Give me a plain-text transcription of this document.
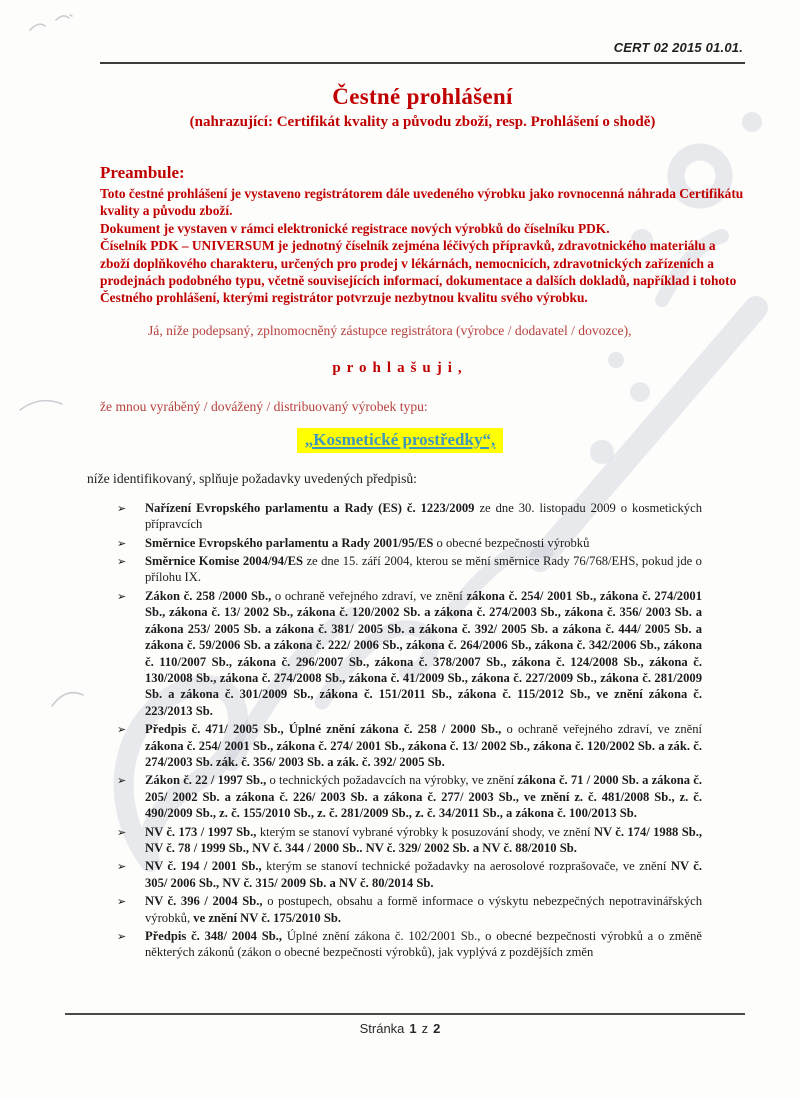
CERT 02 2015 01.01.
Čestné prohlášení
(nahrazující: Certifikát kvality a původu zboží, resp. Prohlášení o shodě)
Preambule:

Toto čestné prohlášení je vystaveno registrátorem dále uvedeného výrobku jako rovnocenná náhrada Certifikátu kvality a původu zboží.

Dokument je vystaven v rámci elektronické registrace nových výrobků do číselníku PDK.

Číselník PDK – UNIVERSUM je jednotný číselník zejména léčivých přípravků, zdravotnického materiálu a zboží doplňkového charakteru, určených pro prodej v lékárnách, nemocnicích, zdravotnických zařízeních a prodejnách podobného typu, včetně souvisejících informací, dokumentace a dalších dokladů, například i tohoto Čestného prohlášení, kterými registrátor potvrzuje nezbytnou kvalitu svého výrobku.

Já, níže podepsaný, zplnomocněný zástupce registrátora (výrobce / dodavatel / dovozce),

prohlašuji,

že mnou vyráběný / dovážený / distribuovaný výrobek typu:

„Kosmetické prostředky“,

níže identifikovaný, splňuje požadavky uvedených předpisů:

➢ Nařízení Evropského parlamentu a Rady (ES) č. 1223/2009 ze dne 30. listopadu 2009 o kosmetických přípravcích
➢ Směrnice Evropského parlamentu a Rady 2001/95/ES o obecné bezpečnosti výrobků
➢ Směrnice Komise 2004/94/ES ze dne 15. září 2004, kterou se mění směrnice Rady 76/768/EHS, pokud jde o přílohu IX.
➢ Zákon č. 258 /2000 Sb., o ochraně veřejného zdraví, ve znění zákona č. 254/ 2001 Sb., zákona č. 274/2001 Sb., zákona č. 13/ 2002 Sb., zákona č. 120/2002 Sb. a zákona č. 274/2003 Sb., zákona č. 356/ 2003 Sb. a zákona 253/ 2005 Sb. a zákona č. 381/ 2005 Sb. a zákona č. 392/ 2005 Sb. a zákona č. 444/ 2005 Sb. a zákona č. 59/2006 Sb. a zákona č. 222/ 2006 Sb., zákona č. 264/2006 Sb., zákona č. 342/2006 Sb., zákona č. 110/2007 Sb., zákona č. 296/2007 Sb., zákona č. 378/2007 Sb., zákona č. 124/2008 Sb., zákona č. 130/2008 Sb., zákona č. 274/2008 Sb., zákona č. 41/2009 Sb., zákona č. 227/2009 Sb., zákona č. 281/2009 Sb. a zákona č. 301/2009 Sb., zákona č. 151/2011 Sb., zákona č. 115/2012 Sb., ve znění zákona č. 223/2013 Sb.
➢ Předpis č. 471/ 2005 Sb., Úplné znění zákona č. 258 / 2000 Sb., o ochraně veřejného zdraví, ve znění zákona č. 254/ 2001 Sb., zákona č. 274/ 2001 Sb., zákona č. 13/ 2002 Sb., zákona č. 120/2002 Sb. a zák. č. 274/2003 Sb. zák. č. 356/ 2003 Sb. a zák. č. 392/ 2005 Sb.
➢ Zákon č. 22 / 1997 Sb., o technických požadavcích na výrobky, ve znění zákona č. 71 / 2000 Sb. a zákona č. 205/ 2002 Sb. a zákona č. 226/ 2003 Sb. a zákona č. 277/ 2003 Sb., ve znění z. č. 481/2008 Sb., z. č. 490/2009 Sb., z. č. 155/2010 Sb., z. č. 281/2009 Sb., z. č. 34/2011 Sb., a zákona č. 100/2013 Sb.
➢ NV č. 173 / 1997 Sb., kterým se stanoví vybrané výrobky k posuzování shody, ve znění NV č. 174/ 1988 Sb., NV č. 78 / 1999 Sb., NV č. 344 / 2000 Sb.. NV č. 329/ 2002 Sb. a NV č. 88/2010 Sb.
➢ NV č. 194 / 2001 Sb., kterým se stanoví technické požadavky na aerosolové rozprašovače, ve znění NV č. 305/ 2006 Sb., NV č. 315/ 2009 Sb. a NV č. 80/2014 Sb.
➢ NV č. 396 / 2004 Sb., o postupech, obsahu a formě informace o výskytu nebezpečných nepotravinářských výrobků, ve znění NV č. 175/2010 Sb.
➢ Předpis č. 348/ 2004 Sb., Úplné znění zákona č. 102/2001 Sb., o obecné bezpečnosti výrobků a o změně některých zákonů (zákon o obecné bezpečnosti výrobků), jak vyplývá z pozdějších změn
Stránka 1 z 2
